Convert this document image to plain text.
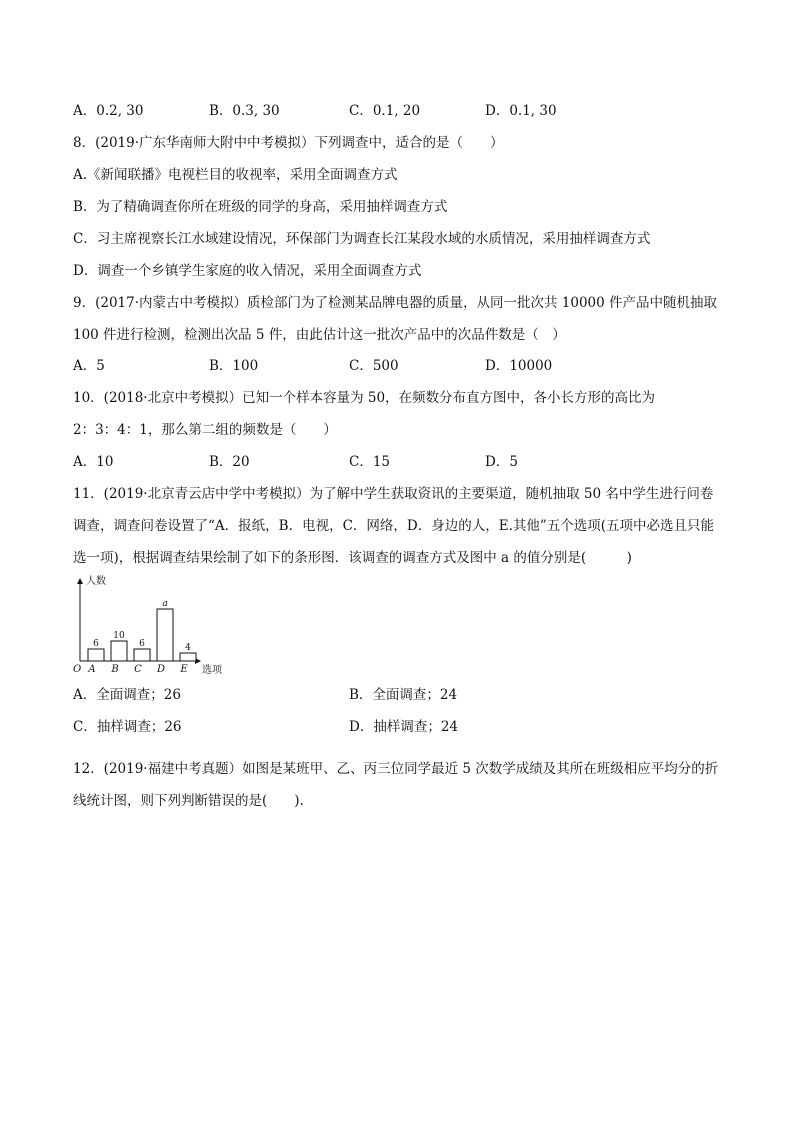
A．0.2, 30	B．0.3, 30	C．0.1, 20	D．0.1, 30
8．(2019·广东华南师大附中中考模拟）下列调查中，适合的是（　　）
A.《新闻联播》电视栏目的收视率，采用全面调查方式
B．为了精确调查你所在班级的同学的身高，采用抽样调查方式
C．习主席视察长江水域建设情况，环保部门为调查长江某段水域的水质情况，采用抽样调查方式
D．调查一个乡镇学生家庭的收入情况，采用全面调查方式
9．(2017·内蒙古中考模拟）质检部门为了检测某品牌电器的质量，从同一批次共 10000 件产品中随机抽取
100 件进行检测，检测出次品 5 件，由此估计这一批次产品中的次品件数是（　）
A．5	B．100	C．500	D．10000
10．(2018·北京中考模拟）已知一个样本容量为 50，在频数分布直方图中，各小长方形的高比为
2：3：4：1，那么第二组的频数是（　　）
A．10	B．20	C．15	D．5
11．(2019·北京青云店中学中考模拟）为了解中学生获取资讯的主要渠道，随机抽取 50 名中学生进行问卷
调查，调查问卷设置了“A．报纸，B．电视，C．网络，D．身边的人，E.其他”五个选项(五项中必选且只能
选一项)，根据调查结果绘制了如下的条形图．该调查的调查方式及图中 a 的值分别是(　　　)
人数
选项
O
6
A
10
B
6
C
a
D
4
E
A．全面调查；26	B．全面调查；24
C．抽样调查；26	D．抽样调查；24
12．(2019·福建中考真题）如图是某班甲、乙、丙三位同学最近 5 次数学成绩及其所在班级相应平均分的折
线统计图，则下列判断错误的是(　　).
